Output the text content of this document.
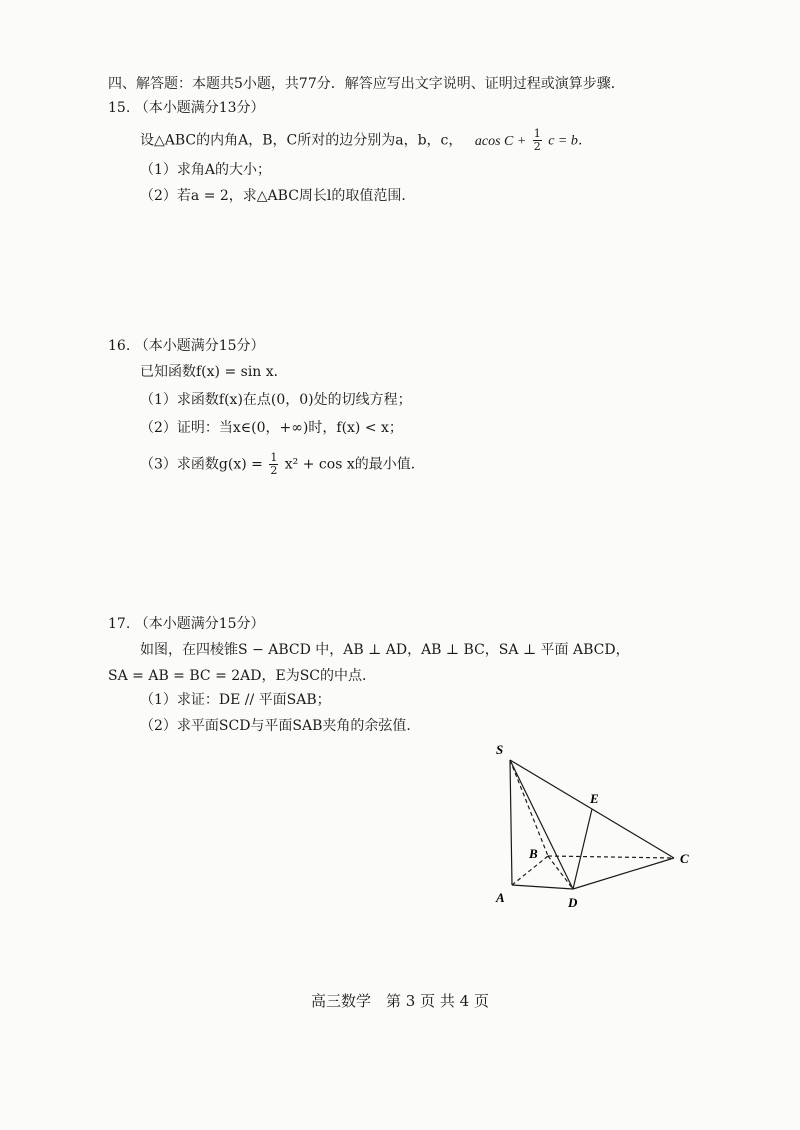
四、解答题：本题共5小题，共77分．解答应写出文字说明、证明过程或演算步骤．
15. （本小题满分13分）
设△ABC的内角A，B，C所对的边分别为a，b，c， acos $C + \frac{1}{2}$ c = b．
（1）求角A的大小；
（2）若a = 2，求△ABC周长l的取值范围．
16. （本小题满分15分）
已知函数f(x) = sin x．
（1）求函数f(x)在点(0，0)处的切线方程；
（2）证明：当x∈(0，+∞)时，f(x) < x；
（3）求函数$g(x) = \frac{1}{2} x^2 + \cos x$的最小值．
17. （本小题满分15分）
如图，在四棱锥S − ABCD 中，AB ⊥ AD，AB ⊥ BC，SA ⊥ 平面 ABCD，
SA = AB = BC = 2AD，E为SC的中点．
（1）求证：DE // 平面SAB；
（2）求平面SCD与平面SAB夹角的余弦值．
S
E
B	C
A	D
高三数学　第 3 页 共 4 页
